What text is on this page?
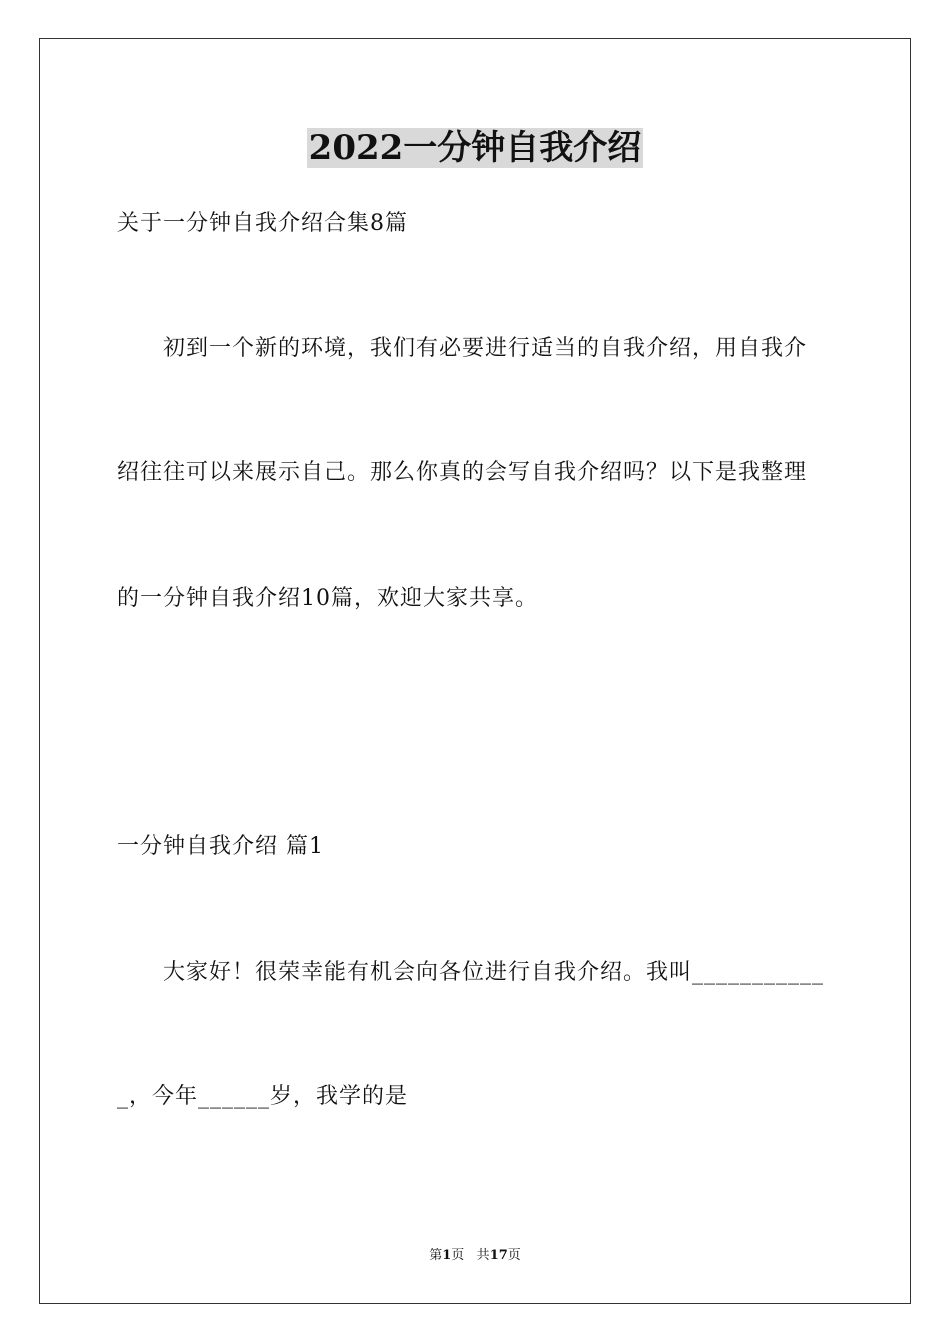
2022一分钟自我介绍
关于一分钟自我介绍合集8篇
初到一个新的环境，我们有必要进行适当的自我介绍，用自我介
绍往往可以来展示自己。那么你真的会写自我介绍吗？以下是我整理
的一分钟自我介绍10篇，欢迎大家共享。
一分钟自我介绍 篇1
大家好！很荣幸能有机会向各位进行自我介绍。我叫___________
_，今年______岁，我学的是
第1页 共17页
